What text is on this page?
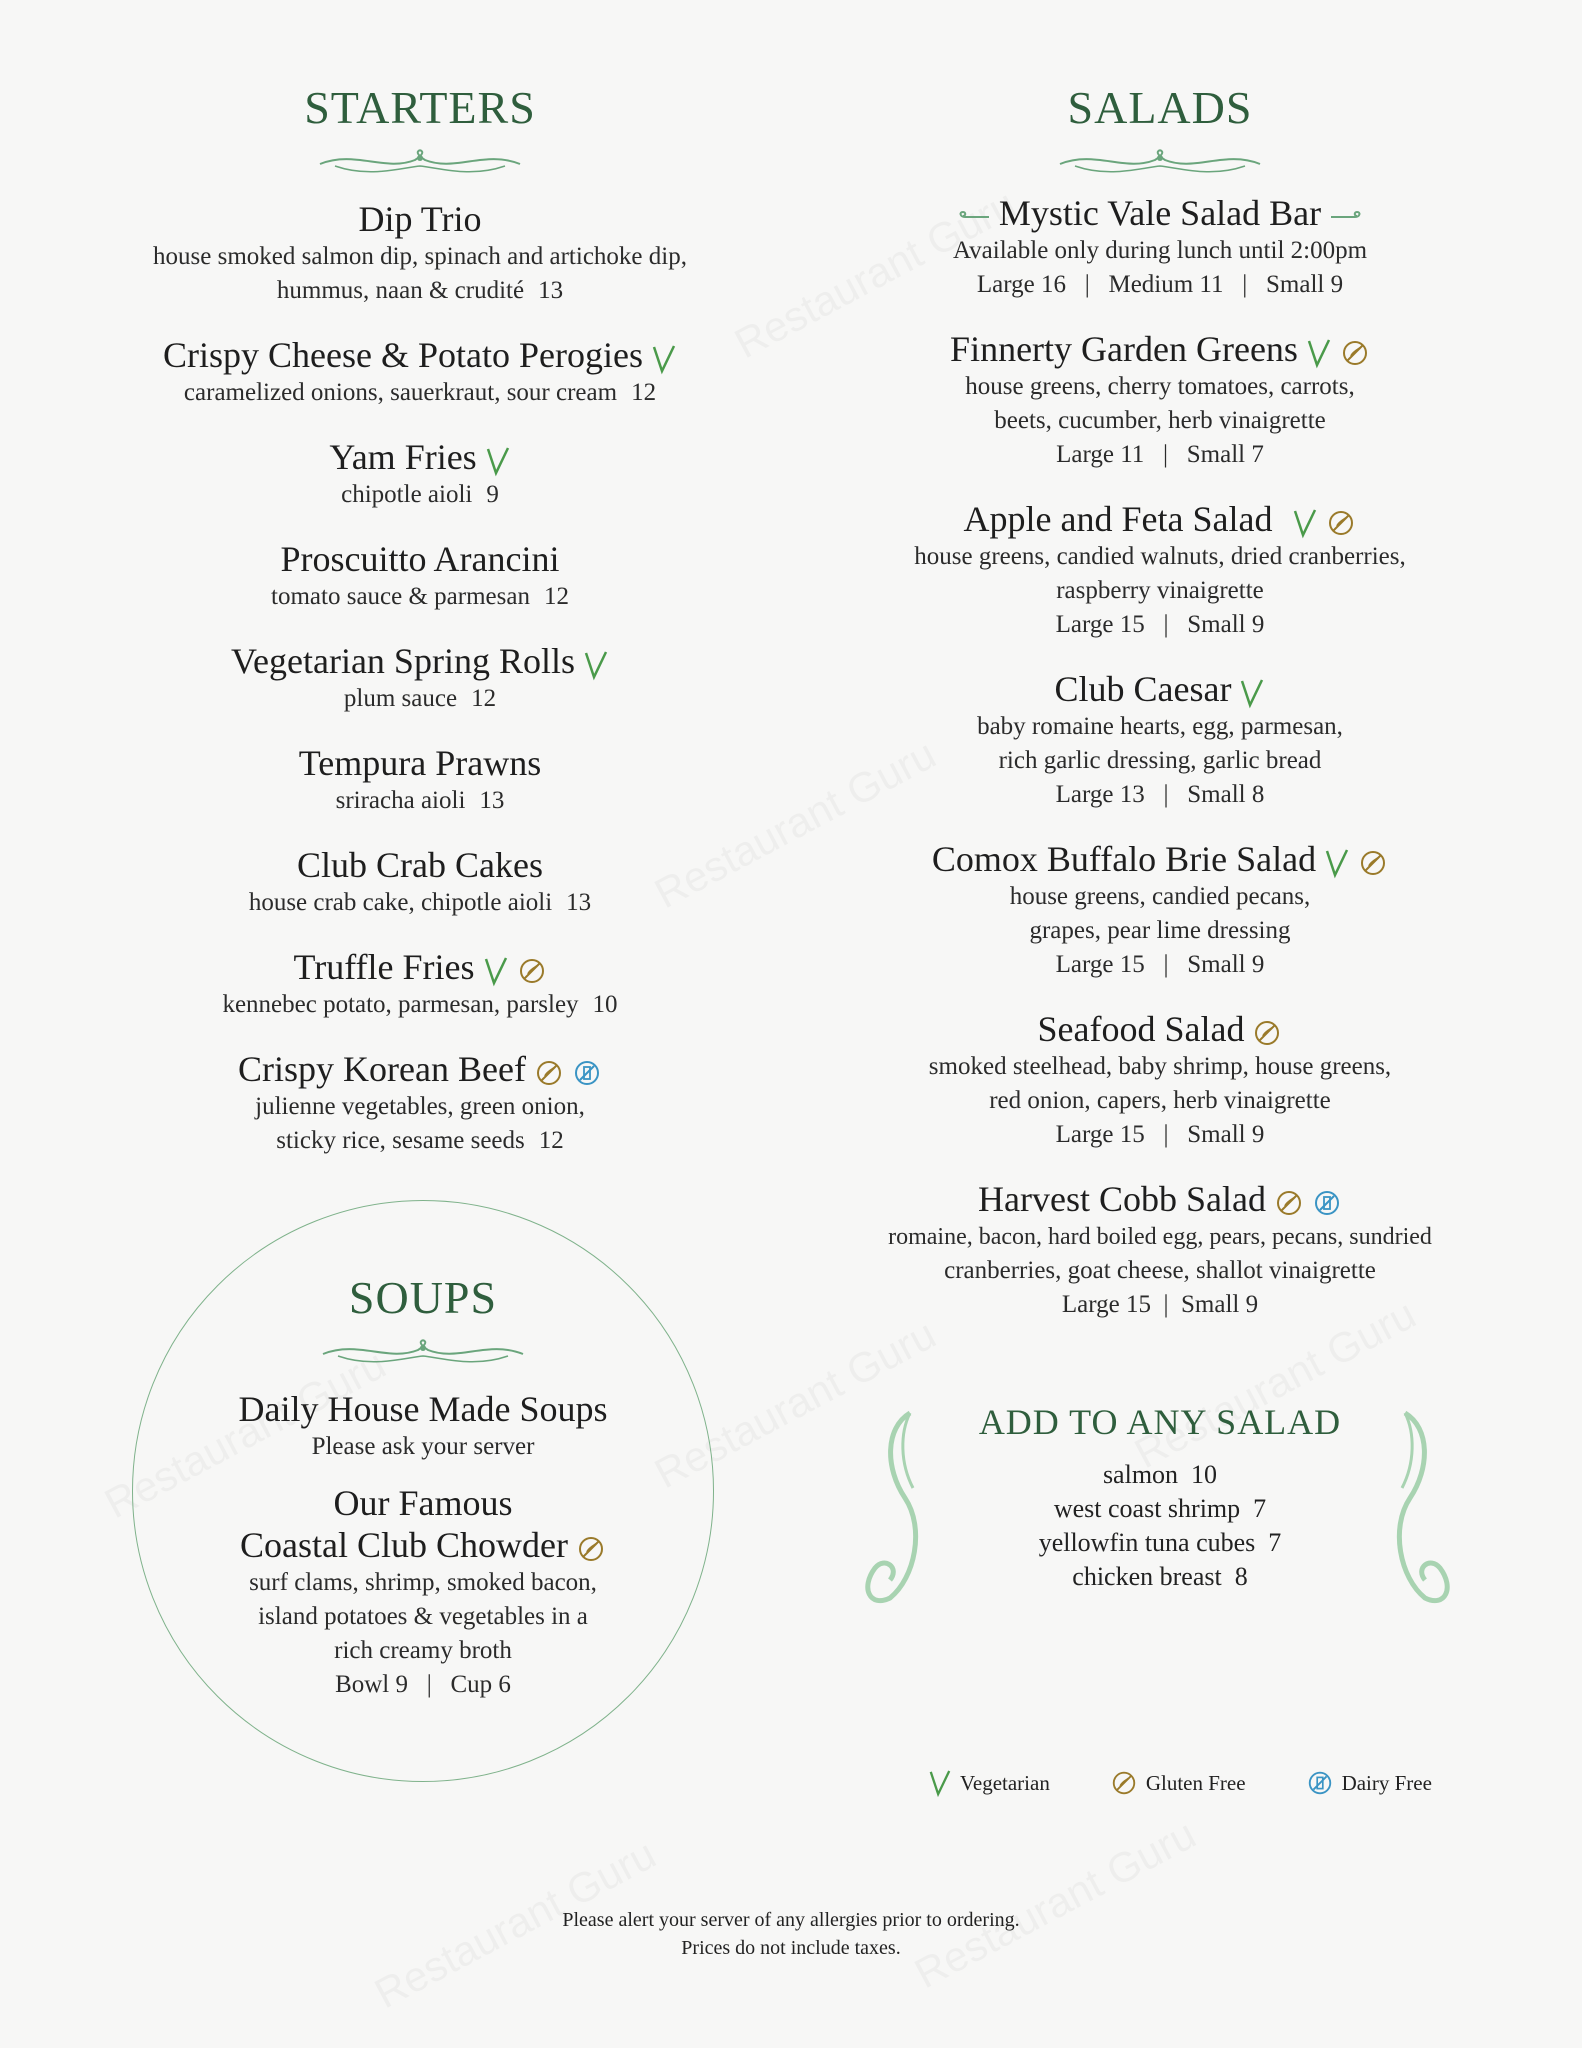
STARTERS
Dip Trio
house smoked salmon dip, spinach and artichoke dip,
hummus, naan & crudité 13
Crispy Cheese & Potato Perogies
caramelized onions, sauerkraut, sour cream 12
Yam Fries
chipotle aioli 9
Proscuitto Arancini
tomato sauce & parmesan 12
Vegetarian Spring Rolls
plum sauce 12
Tempura Prawns
sriracha aioli 13
Club Crab Cakes
house crab cake, chipotle aioli 13
Truffle Fries
kennebec potato, parmesan, parsley 10
Crispy Korean Beef
julienne vegetables, green onion,
sticky rice, sesame seeds 12
SOUPS
Daily House Made Soups
Please ask your server
Our Famous
Coastal Club Chowder
surf clams, shrimp, smoked bacon,
island potatoes & vegetables in a
rich creamy broth
Bowl 9   |   Cup 6
SALADS
Mystic Vale Salad Bar
Available only during lunch until 2:00pm
Large 16   |   Medium 11   |   Small 9
Finnerty Garden Greens
house greens, cherry tomatoes, carrots,
beets, cucumber, herb vinaigrette
Large 11   |   Small 7
Apple and Feta Salad
house greens, candied walnuts, dried cranberries,
raspberry vinaigrette
Large 15   |   Small 9
Club Caesar
baby romaine hearts, egg, parmesan,
rich garlic dressing, garlic bread
Large 13   |   Small 8
Comox Buffalo Brie Salad
house greens, candied pecans,
grapes, pear lime dressing
Large 15   |   Small 9
Seafood Salad
smoked steelhead, baby shrimp, house greens,
red onion, capers, herb vinaigrette
Large 15   |   Small 9
Harvest Cobb Salad
romaine, bacon, hard boiled egg, pears, pecans, sundried
cranberries, goat cheese, shallot vinaigrette
Large 15  |  Small 9
ADD TO ANY SALAD
salmon  10
west coast shrimp  7
yellowfin tuna cubes  7
chicken breast  8
Vegetarian	Gluten Free	Dairy Free
Please alert your server of any allergies prior to ordering.
Prices do not include taxes.
